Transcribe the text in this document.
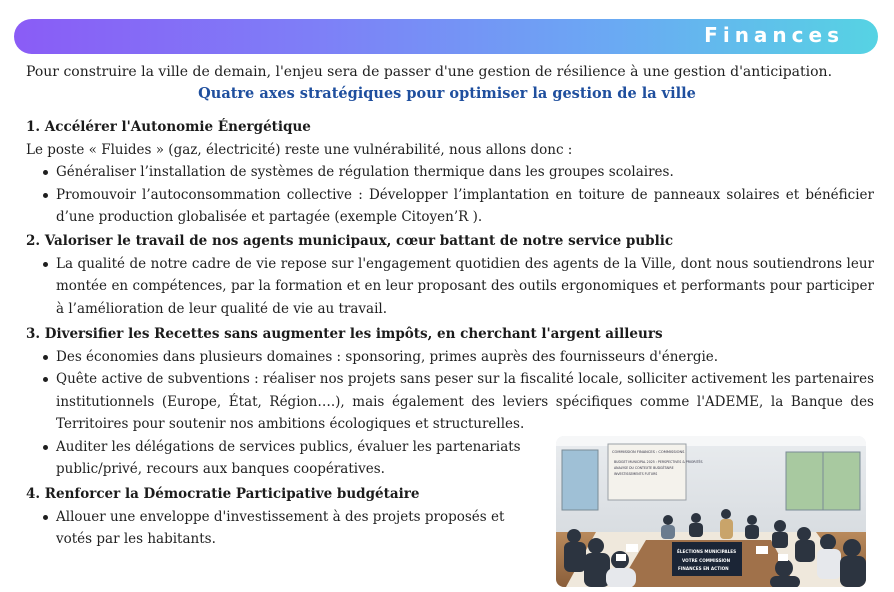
Finances
Pour construire la ville de demain, l'enjeu sera de passer d'une gestion de résilience à une gestion d'anticipation.
Quatre axes stratégiques pour optimiser la gestion de la ville
1. Accélérer l'Autonomie Énergétique
Le poste « Fluides » (gaz, électricité) reste une vulnérabilité, nous allons donc :
Généraliser l’installation de systèmes de régulation thermique dans les groupes scolaires.
Promouvoir l’autoconsommation collective : Développer l’implantation en toiture de panneaux solaires et bénéficier d’une production globalisée et partagée (exemple Citoyen’R ).
2. Valoriser le travail de nos agents municipaux, cœur battant de notre service public
La qualité de notre cadre de vie repose sur l'engagement quotidien des agents de la Ville, dont nous soutiendrons leur montée en compétences, par la formation et en leur proposant des outils ergonomiques et performants pour participer à l’amélioration de leur qualité de vie au travail.
3. Diversifier les Recettes sans augmenter les impôts, en cherchant l'argent ailleurs
Des économies dans plusieurs domaines : sponsoring, primes auprès des fournisseurs d'énergie.
Quête active de subventions : réaliser nos projets sans peser sur la fiscalité locale, solliciter activement les partenaires institutionnels (Europe, État, Région….), mais également des leviers spécifiques comme l'ADEME, la Banque des Territoires pour soutenir nos ambitions écologiques et structurelles.
Auditer les délégations de services publics, évaluer les partenariats public/privé, recours aux banques coopératives.
4. Renforcer la Démocratie Participative budgétaire
Allouer une enveloppe d'investissement à des projets proposés et votés par les habitants.
COMMISSION FINANCES : COMMISSIONS
BUDGET MUNICIPAL 2025 : PERSPECTIVES & PRIORITÉS
ANALYSE DU CONTEXTE BUDGÉTAIRE
INVESTISSEMENTS FUTURS
ÉLECTIONS MUNICIPALES
VOTRE COMMISSION
FINANCES EN ACTION
